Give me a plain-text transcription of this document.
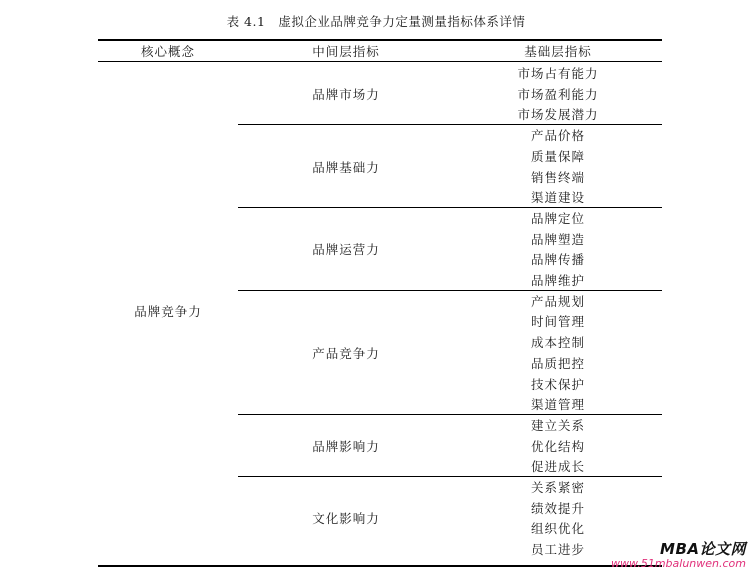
表 4.1　虚拟企业品牌竞争力定量测量指标体系详情
核心概念	中间层指标	基础层指标
品牌市场力
市场占有能力
市场盈利能力
市场发展潜力
品牌基础力
产品价格
质量保障
销售终端
渠道建设
品牌运营力
品牌定位
品牌塑造
品牌传播
品牌维护
产品竞争力
产品规划
时间管理
成本控制
品质把控
技术保护
渠道管理
品牌影响力
建立关系
优化结构
促进成长
文化影响力
关系紧密
绩效提升
组织优化
员工进步
品牌竞争力
MBA论文网
www.51mbalunwen.com
